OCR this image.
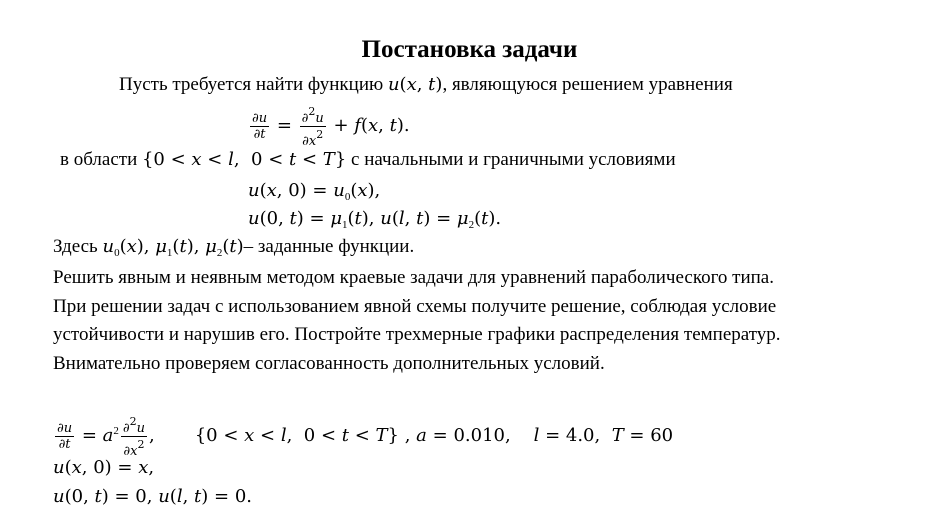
Постановка задачи
Пусть требуется найти функцию u(x, t), являющуюся решением уравнения
$\frac{\partial u}{\partial t} = \frac{\partial^2u}{\partial x^2} + f(x$, t).
в области {0 < x < l,  0 < t < T} с начальными и граничными условиями
u(x, $0) = u_0(x)$,
u(0, $t) = \mu_1(t)$, u(l, $t) = \mu_2(t)$.
Здесь $u_0(x)$, $\mu_1(t)$, $\mu_2(t)-$ заданные функции.
Решить явным и неявным методом краевые задачи для уравнений параболического типа.
При решении задач с использованием явной схемы получите решение, соблюдая условие
устойчивости и нарушив его. Постройте трехмерные графики распределения температур.
Внимательно проверяем согласованность дополнительных условий.
$\frac{\partial u}{\partial t} = a^2 \frac{\partial^2u}{\partial x^2}$ , {0 < x < l,  0 < t < T} , a = 0.010,    l = 4.0,  T = 60
u(x, 0) = x,
u(0, t) = 0, u(l, t) = 0.
